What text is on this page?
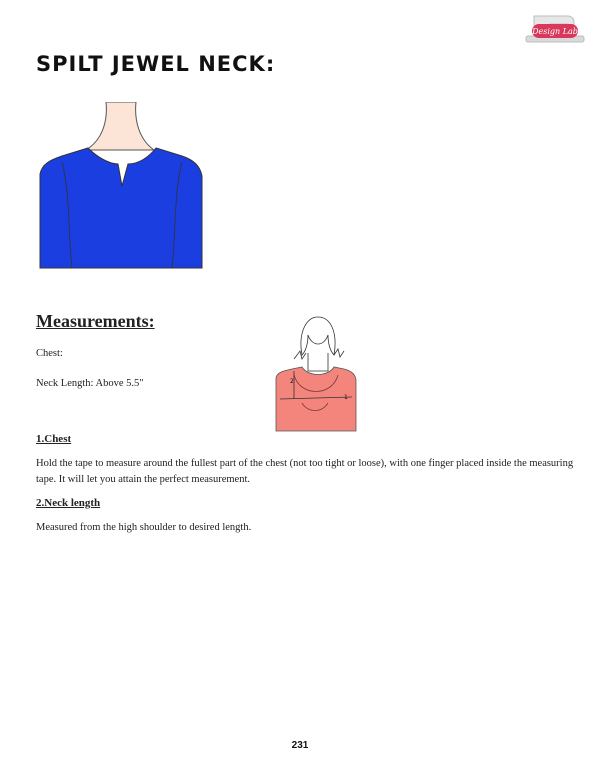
Design Lab
SPILT JEWEL NECK:
Measurements:
Chest:
Neck Length: Above 5.5"
1
2
1.Chest

Hold the tape to measure around the fullest part of the chest (not too tight or loose), with one finger placed inside the measuring tape. It will let you attain the perfect measurement.

2.Neck length

Measured from the high shoulder to desired length.

231
